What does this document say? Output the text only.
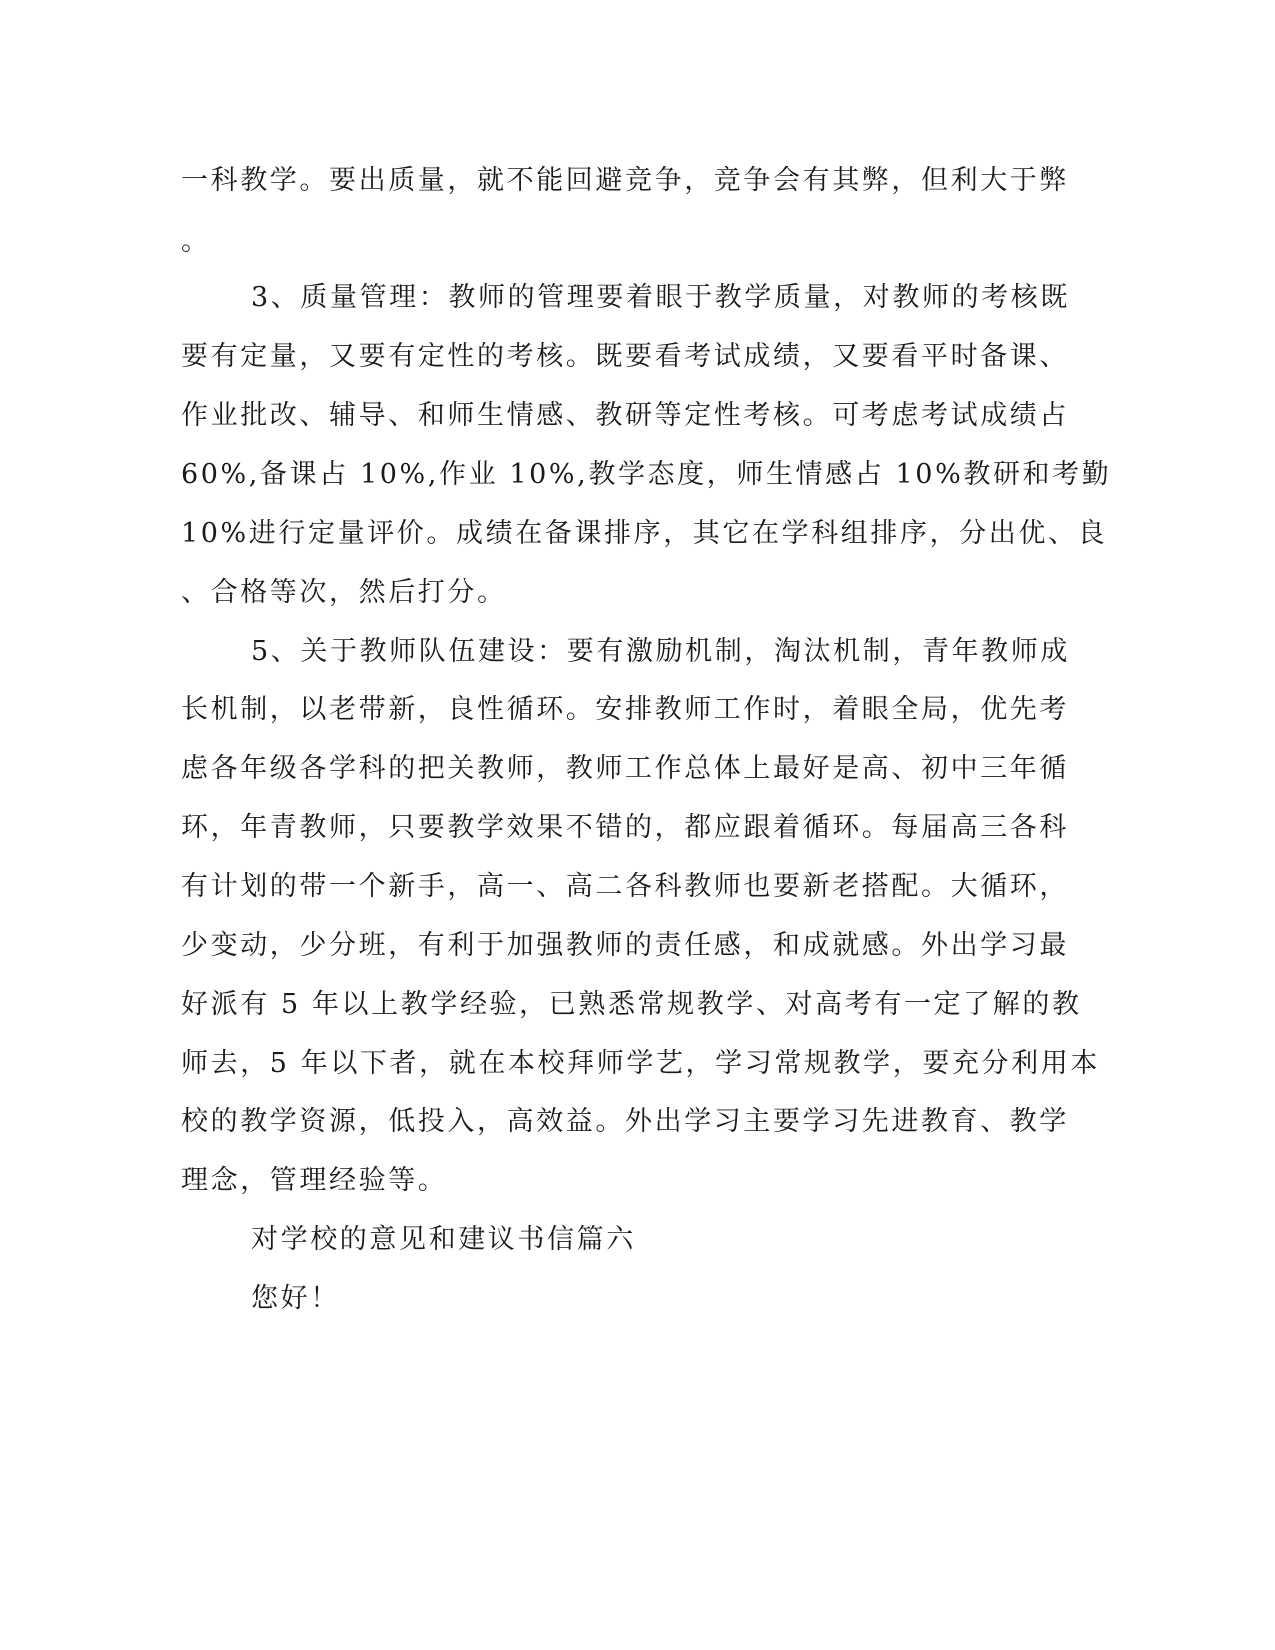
一科教学。要出质量，就不能回避竞争，竞争会有其弊，但利大于弊
。
3、质量管理：教师的管理要着眼于教学质量，对教师的考核既
要有定量，又要有定性的考核。既要看考试成绩，又要看平时备课、
作业批改、辅导、和师生情感、教研等定性考核。可考虑考试成绩占
60%,备课占 10%,作业 10%,教学态度，师生情感占 10%教研和考勤
10%进行定量评价。成绩在备课排序，其它在学科组排序，分出优、良
、合格等次，然后打分。
5、关于教师队伍建设：要有激励机制，淘汰机制，青年教师成
长机制，以老带新，良性循环。安排教师工作时，着眼全局，优先考
虑各年级各学科的把关教师，教师工作总体上最好是高、初中三年循
环，年青教师，只要教学效果不错的，都应跟着循环。每届高三各科
有计划的带一个新手，高一、高二各科教师也要新老搭配。大循环，
少变动，少分班，有利于加强教师的责任感，和成就感。外出学习最
好派有 5 年以上教学经验，已熟悉常规教学、对高考有一定了解的教
师去，5 年以下者，就在本校拜师学艺，学习常规教学，要充分利用本
校的教学资源，低投入，高效益。外出学习主要学习先进教育、教学
理念，管理经验等。
对学校的意见和建议书信篇六
您好！
